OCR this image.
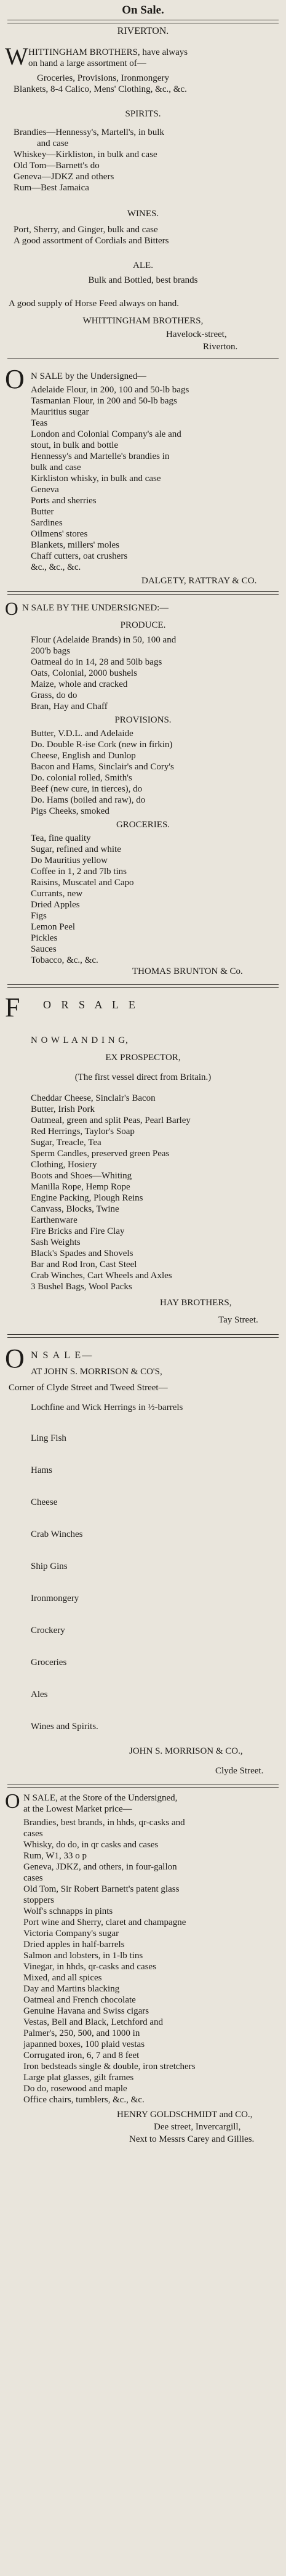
On Sale.
RIVERTON.
W HITTINGHAM BROTHERS, have always
on hand a large assortment of—
Groceries, Provisions, Ironmongery
Blankets, 8-4 Calico, Mens' Clothing, &c., &c.
SPIRITS.
Brandies—Hennessy's, Martell's, in bulk
and case
Whiskey—Kirkliston, in bulk and case
Old Tom—Barnett's do
Geneva—JDKZ and others
Rum—Best Jamaica
WINES.
Port, Sherry, and Ginger, bulk and case
A good assortment of Cordials and Bitters
ALE.
Bulk and Bottled, best brands
A good supply of Horse Feed always on hand.
WHITTINGHAM BROTHERS,
Havelock-street,
Riverton.
O N SALE by the Undersigned—
Adelaide Flour, in 200, 100 and 50-lb bags
Tasmanian Flour, in 200 and 50-lb bags
Mauritius sugar
Teas
London and Colonial Company's ale and
stout, in bulk and bottle
Hennessy's and Martelle's brandies in
bulk and case
Kirkliston whisky, in bulk and case
Geneva
Ports and sherries
Butter
Sardines
Oilmens' stores
Blankets, millers' moles
Chaff cutters, oat crushers
&c., &c., &c.
DALGETY, RATTRAY & CO.
O N SALE BY THE UNDERSIGNED:—
PRODUCE.
Flour (Adelaide Brands) in 50, 100 and
200'b bags
Oatmeal do in 14, 28 and 50lb bags
Oats, Colonial, 2000 bushels
Maize, whole and cracked
Grass, do do
Bran, Hay and Chaff
PROVISIONS.
Butter, V.D.L. and Adelaide
Do. Double R-ise Cork (new in firkin)
Cheese, English and Dunlop
Bacon and Hams, Sinclair's and Cory's
Do. colonial rolled, Smith's
Beef (new cure, in tierces), do
Do. Hams (boiled and raw), do
Pigs Cheeks, smoked
GROCERIES.
Tea, fine quality
Sugar, refined and white
Do Mauritius yellow
Coffee in 1, 2 and 7lb tins
Raisins, Muscatel and Capo
Currants, new
Dried Apples
Figs
Lemon Peel
Pickles
Sauces
Tobacco, &c., &c.
THOMAS BRUNTON & Co.
F O R S A L E
N O W L A N D I N G,
EX PROSPECTOR,
(The first vessel direct from Britain.)
Cheddar Cheese, Sinclair's Bacon
Butter, Irish Pork
Oatmeal, green and split Peas, Pearl Barley
Red Herrings, Taylor's Soap
Sugar, Treacle, Tea
Sperm Candles, preserved green Peas
Clothing, Hosiery
Boots and Shoes—Whiting
Manilla Rope, Hemp Rope
Engine Packing, Plough Reins
Canvass, Blocks, Twine
Earthenware
Fire Bricks and Fire Clay
Sash Weights
Black's Spades and Shovels
Bar and Rod Iron, Cast Steel
Crab Winches, Cart Wheels and Axles
3 Bushel Bags, Wool Packs
HAY BROTHERS,
Tay Street.
O N S A L E—
AT JOHN S. MORRISON & CO'S,
Corner of Clyde Street and Tweed Street—
Lochfine and Wick Herrings in ½-barrels
Ling Fish
Hams
Cheese
Crab Winches
Ship Gins
Ironmongery
Crockery
Groceries
Ales
Wines and Spirits.
JOHN S. MORRISON & CO.,
Clyde Street.
O N SALE, at the Store of the Undersigned,
at the Lowest Market price—
Brandies, best brands, in hhds, qr-casks and
cases
Whisky, do do, in qr casks and cases
Rum, W1, 33 o p
Geneva, JDKZ, and others, in four-gallon
cases
Old Tom, Sir Robert Barnett's patent glass
stoppers
Wolf's schnapps in pints
Port wine and Sherry, claret and champagne
Victoria Company's sugar
Dried apples in half-barrels
Salmon and lobsters, in 1-lb tins
Vinegar, in hhds, qr-casks and cases
Mixed, and all spices
Day and Martins blacking
Oatmeal and French chocolate
Genuine Havana and Swiss cigars
Vestas, Bell and Black, Letchford and
Palmer's, 250, 500, and 1000 in
japanned boxes, 100 plaid vestas
Corrugated iron, 6, 7 and 8 feet
Iron bedsteads single & double, iron stretchers
Large plat glasses, gilt frames
Do do, rosewood and maple
Office chairs, tumblers, &c., &c.
HENRY GOLDSCHMIDT and CO.,
Dee street, Invercargill,
Next to Messrs Carey and Gillies.
